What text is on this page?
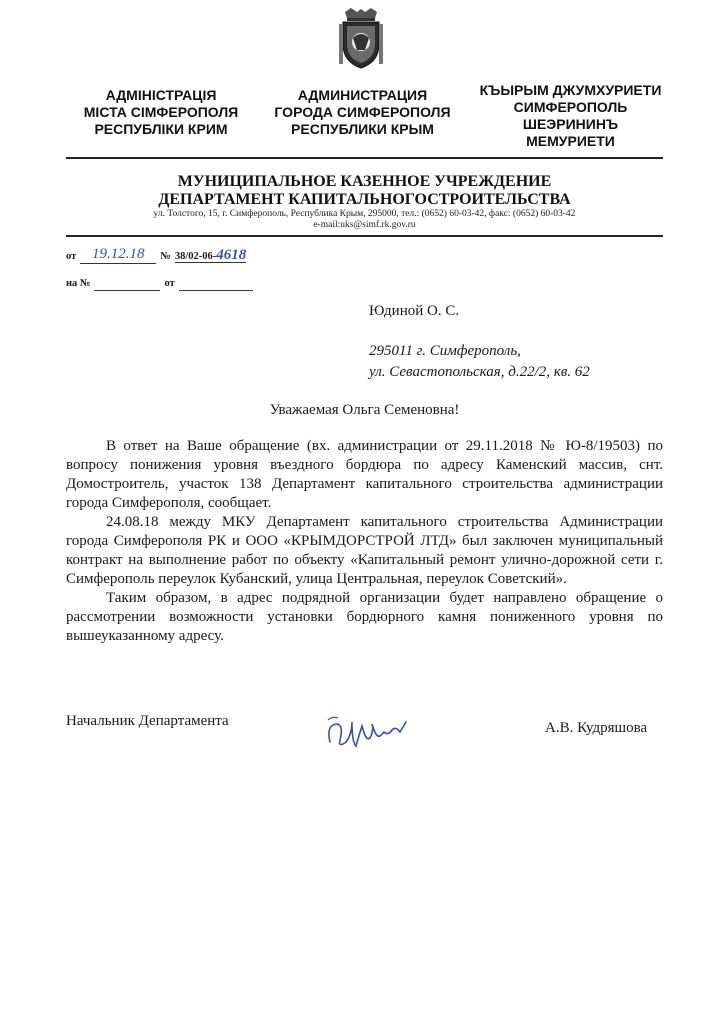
АДМІНІСТРАЦІЯ
МІСТА СІМФЕРОПОЛЯ
РЕСПУБЛІКИ КРИМ
АДМИНИСТРАЦИЯ
ГОРОДА СИМФЕРОПОЛЯ
РЕСПУБЛИКИ КРЫМ
КЪЫРЫМ ДЖУМХУРИЕТИ
СИМФЕРОПОЛЬ
ШЕЭРИНИНЪ
МЕМУРИЕТИ
МУНИЦИПАЛЬНОЕ КАЗЕННОЕ УЧРЕЖДЕНИЕ
ДЕПАРТАМЕНТ КАПИТАЛЬНОГОСТРОИТЕЛЬСТВА
ул. Толстого, 15, г. Симферополь, Республика Крым, 295000, тел.: (0652) 60-03-42, факс: (0652) 60-03-42
e-mail:uks@simf.rk.gov.ru
от 19.12.18 № 38/02-06-4618
на №	от
Юдиной О. С.
295011 г. Симферополь,
ул. Севастопольская, д.22/2, кв. 62
Уважаемая Ольга Семеновна!

В ответ на Ваше обращение (вх. администрации от 29.11.2018 № Ю-8/19503) по вопросу понижения уровня въездного бордюра по адресу Каменский массив, снт. Домостроитель, участок 138 Департамент капитального строительства администрации города Симферополя, сообщает.

24.08.18 между МКУ Департамент капитального строительства Администрации города Симферополя РК и ООО «КРЫМДОРСТРОЙ ЛТД» был заключен муниципальный контракт на выполнение работ по объекту «Капитальный ремонт улично-дорожной сети г. Симферополь переулок Кубанский, улица Центральная, переулок Советский».

Таким образом, в адрес подрядной организации будет направлено обращение о рассмотрении возможности установки бордюрного камня пониженного уровня по вышеуказанному адресу.

Начальник Департамента	А.В. Кудряшова
